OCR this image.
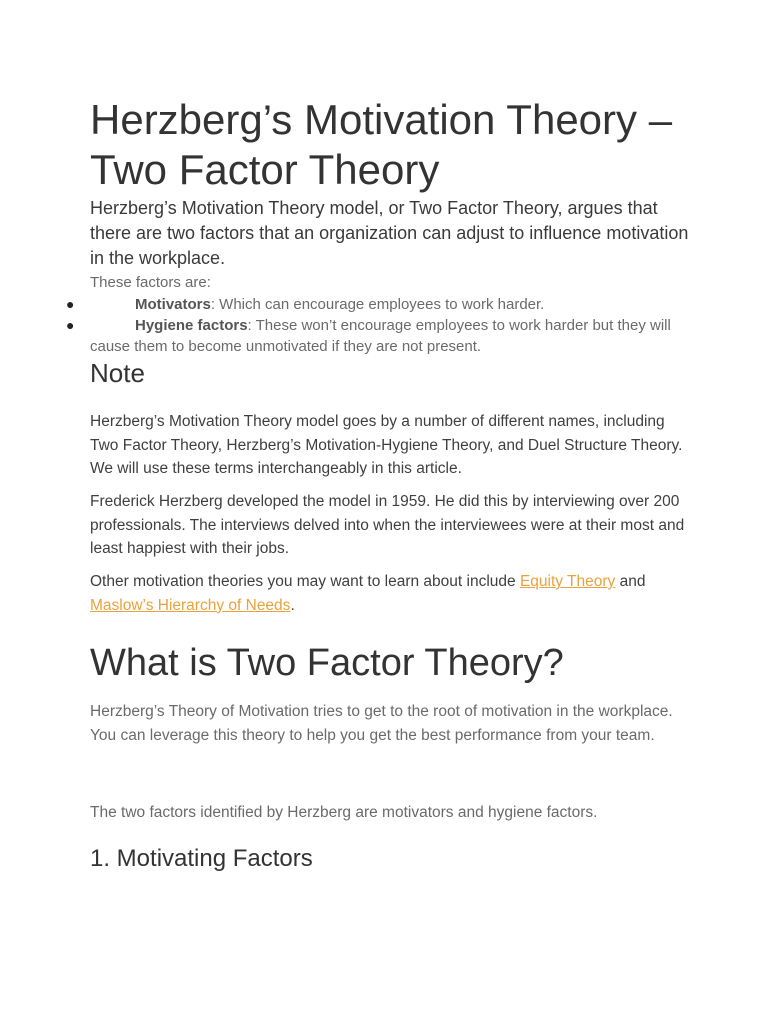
Herzberg’s Motivation Theory – Two Factor Theory

Herzberg’s Motivation Theory model, or Two Factor Theory, argues that there are two factors that an organization can adjust to influence motivation in the workplace.

These factors are:

●	Motivators: Which can encourage employees to work harder.
●	Hygiene factors: These won’t encourage employees to work harder but they will cause them to become unmotivated if they are not present.
Note

Herzberg’s Motivation Theory model goes by a number of different names, including Two Factor Theory, Herzberg’s Motivation-Hygiene Theory, and Duel Structure Theory. We will use these terms interchangeably in this article.

Frederick Herzberg developed the model in 1959. He did this by interviewing over 200 professionals. The interviews delved into when the interviewees were at their most and least happiest with their jobs.

Other motivation theories you may want to learn about include Equity Theory and Maslow’s Hierarchy of Needs.

What is Two Factor Theory?

Herzberg’s Theory of Motivation tries to get to the root of motivation in the workplace. You can leverage this theory to help you get the best performance from your team.

The two factors identified by Herzberg are motivators and hygiene factors.

1. Motivating Factors
